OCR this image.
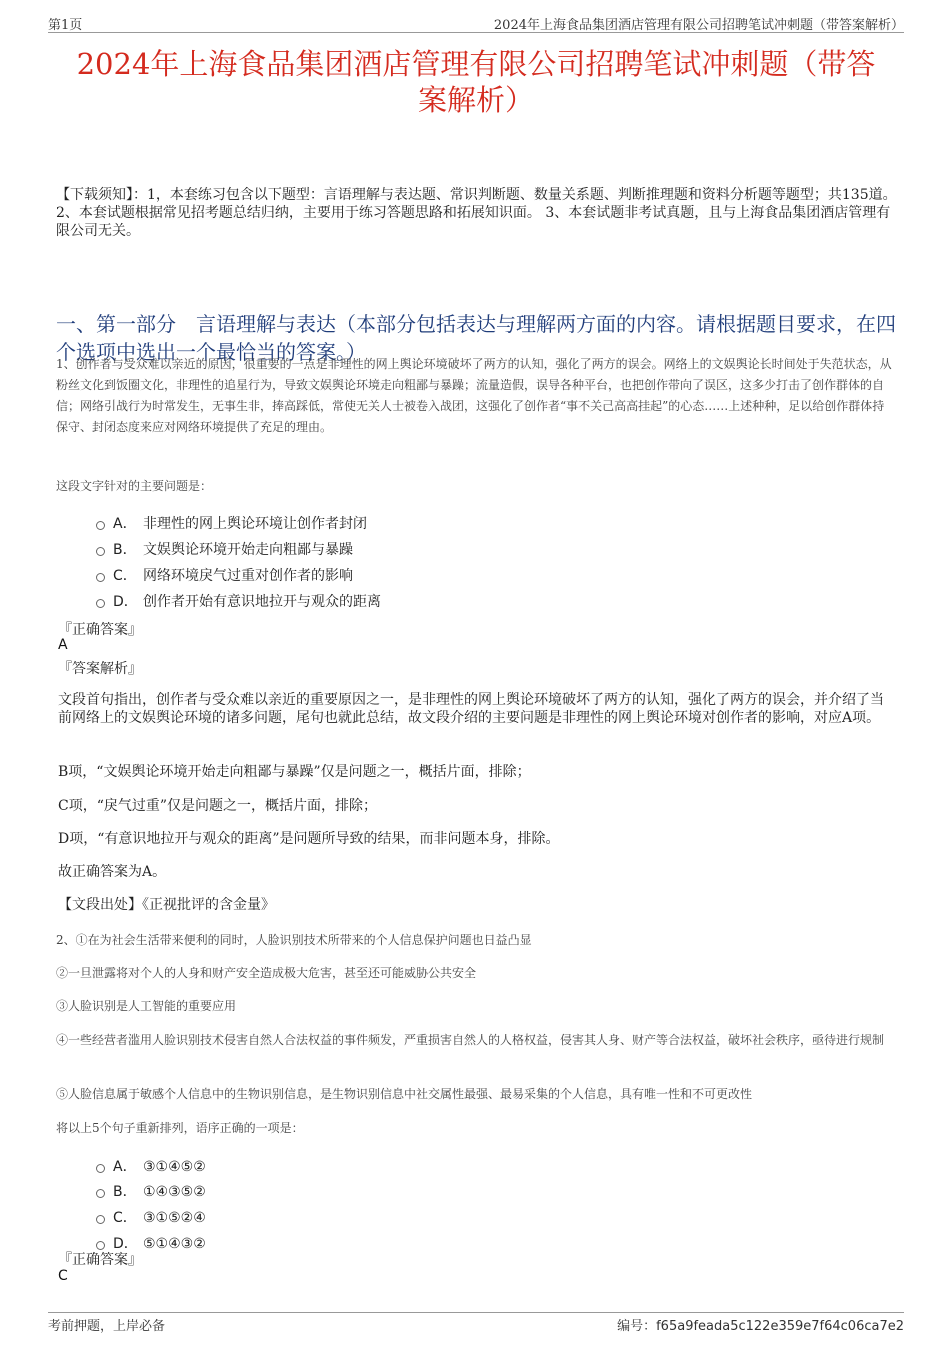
第1页	2024年上海食品集团酒店管理有限公司招聘笔试冲刺题（带答案解析）
2024年上海食品集团酒店管理有限公司招聘笔试冲刺题（带答
案解析）
【下载须知】：1，本套练习包含以下题型：言语理解与表达题、常识判断题、数量关系题、判断推理题和资料分析题等题型；共135道。 2、本套试题根据常见招考题总结归纳，主要用于练习答题思路和拓展知识面。 3、本套试题非考试真题，且与上海食品集团酒店管理有限公司无关。
一、第一部分　言语理解与表达（本部分包括表达与理解两方面的内容。请根据题目要求，在四个选项中选出一个最恰当的答案。）
1、创作者与受众难以亲近的原因，很重要的一点是非理性的网上舆论环境破坏了两方的认知，强化了两方的误会。网络上的文娱舆论长时间处于失范状态，从粉丝文化到饭圈文化，非理性的追星行为，导致文娱舆论环境走向粗鄙与暴躁；流量造假，误导各种平台，也把创作带向了误区，这多少打击了创作群体的自信；网络引战行为时常发生，无事生非，捧高踩低，常使无关人士被卷入战团，这强化了创作者“事不关己高高挂起”的心态……上述种种，足以给创作群体持保守、封闭态度来应对网络环境提供了充足的理由。
这段文字针对的主要问题是：
A． 非理性的网上舆论环境让创作者封闭
B． 文娱舆论环境开始走向粗鄙与暴躁
C． 网络环境戾气过重对创作者的影响
D． 创作者开始有意识地拉开与观众的距离
『正确答案』
A
『答案解析』
文段首句指出，创作者与受众难以亲近的重要原因之一，是非理性的网上舆论环境破坏了两方的认知，强化了两方的误会，并介绍了当前网络上的文娱舆论环境的诸多问题，尾句也就此总结，故文段介绍的主要问题是非理性的网上舆论环境对创作者的影响，对应A项。
B项，“文娱舆论环境开始走向粗鄙与暴躁”仅是问题之一，概括片面，排除；
C项，“戾气过重”仅是问题之一，概括片面，排除；
D项，“有意识地拉开与观众的距离”是问题所导致的结果，而非问题本身，排除。
故正确答案为A。
【文段出处】《正视批评的含金量》
2、①在为社会生活带来便利的同时，人脸识别技术所带来的个人信息保护问题也日益凸显
②一旦泄露将对个人的人身和财产安全造成极大危害，甚至还可能威胁公共安全
③人脸识别是人工智能的重要应用
④一些经营者滥用人脸识别技术侵害自然人合法权益的事件频发，严重损害自然人的人格权益，侵害其人身、财产等合法权益，破坏社会秩序，亟待进行规制
⑤人脸信息属于敏感个人信息中的生物识别信息，是生物识别信息中社交属性最强、最易采集的个人信息，具有唯一性和不可更改性
将以上5个句子重新排列，语序正确的一项是：
A． ③①④⑤②
B． ①④③⑤②
C． ③①⑤②④
D． ⑤①④③②
『正确答案』
C
考前押题，上岸必备	编号：f65a9feada5c122e359e7f64c06ca7e2
